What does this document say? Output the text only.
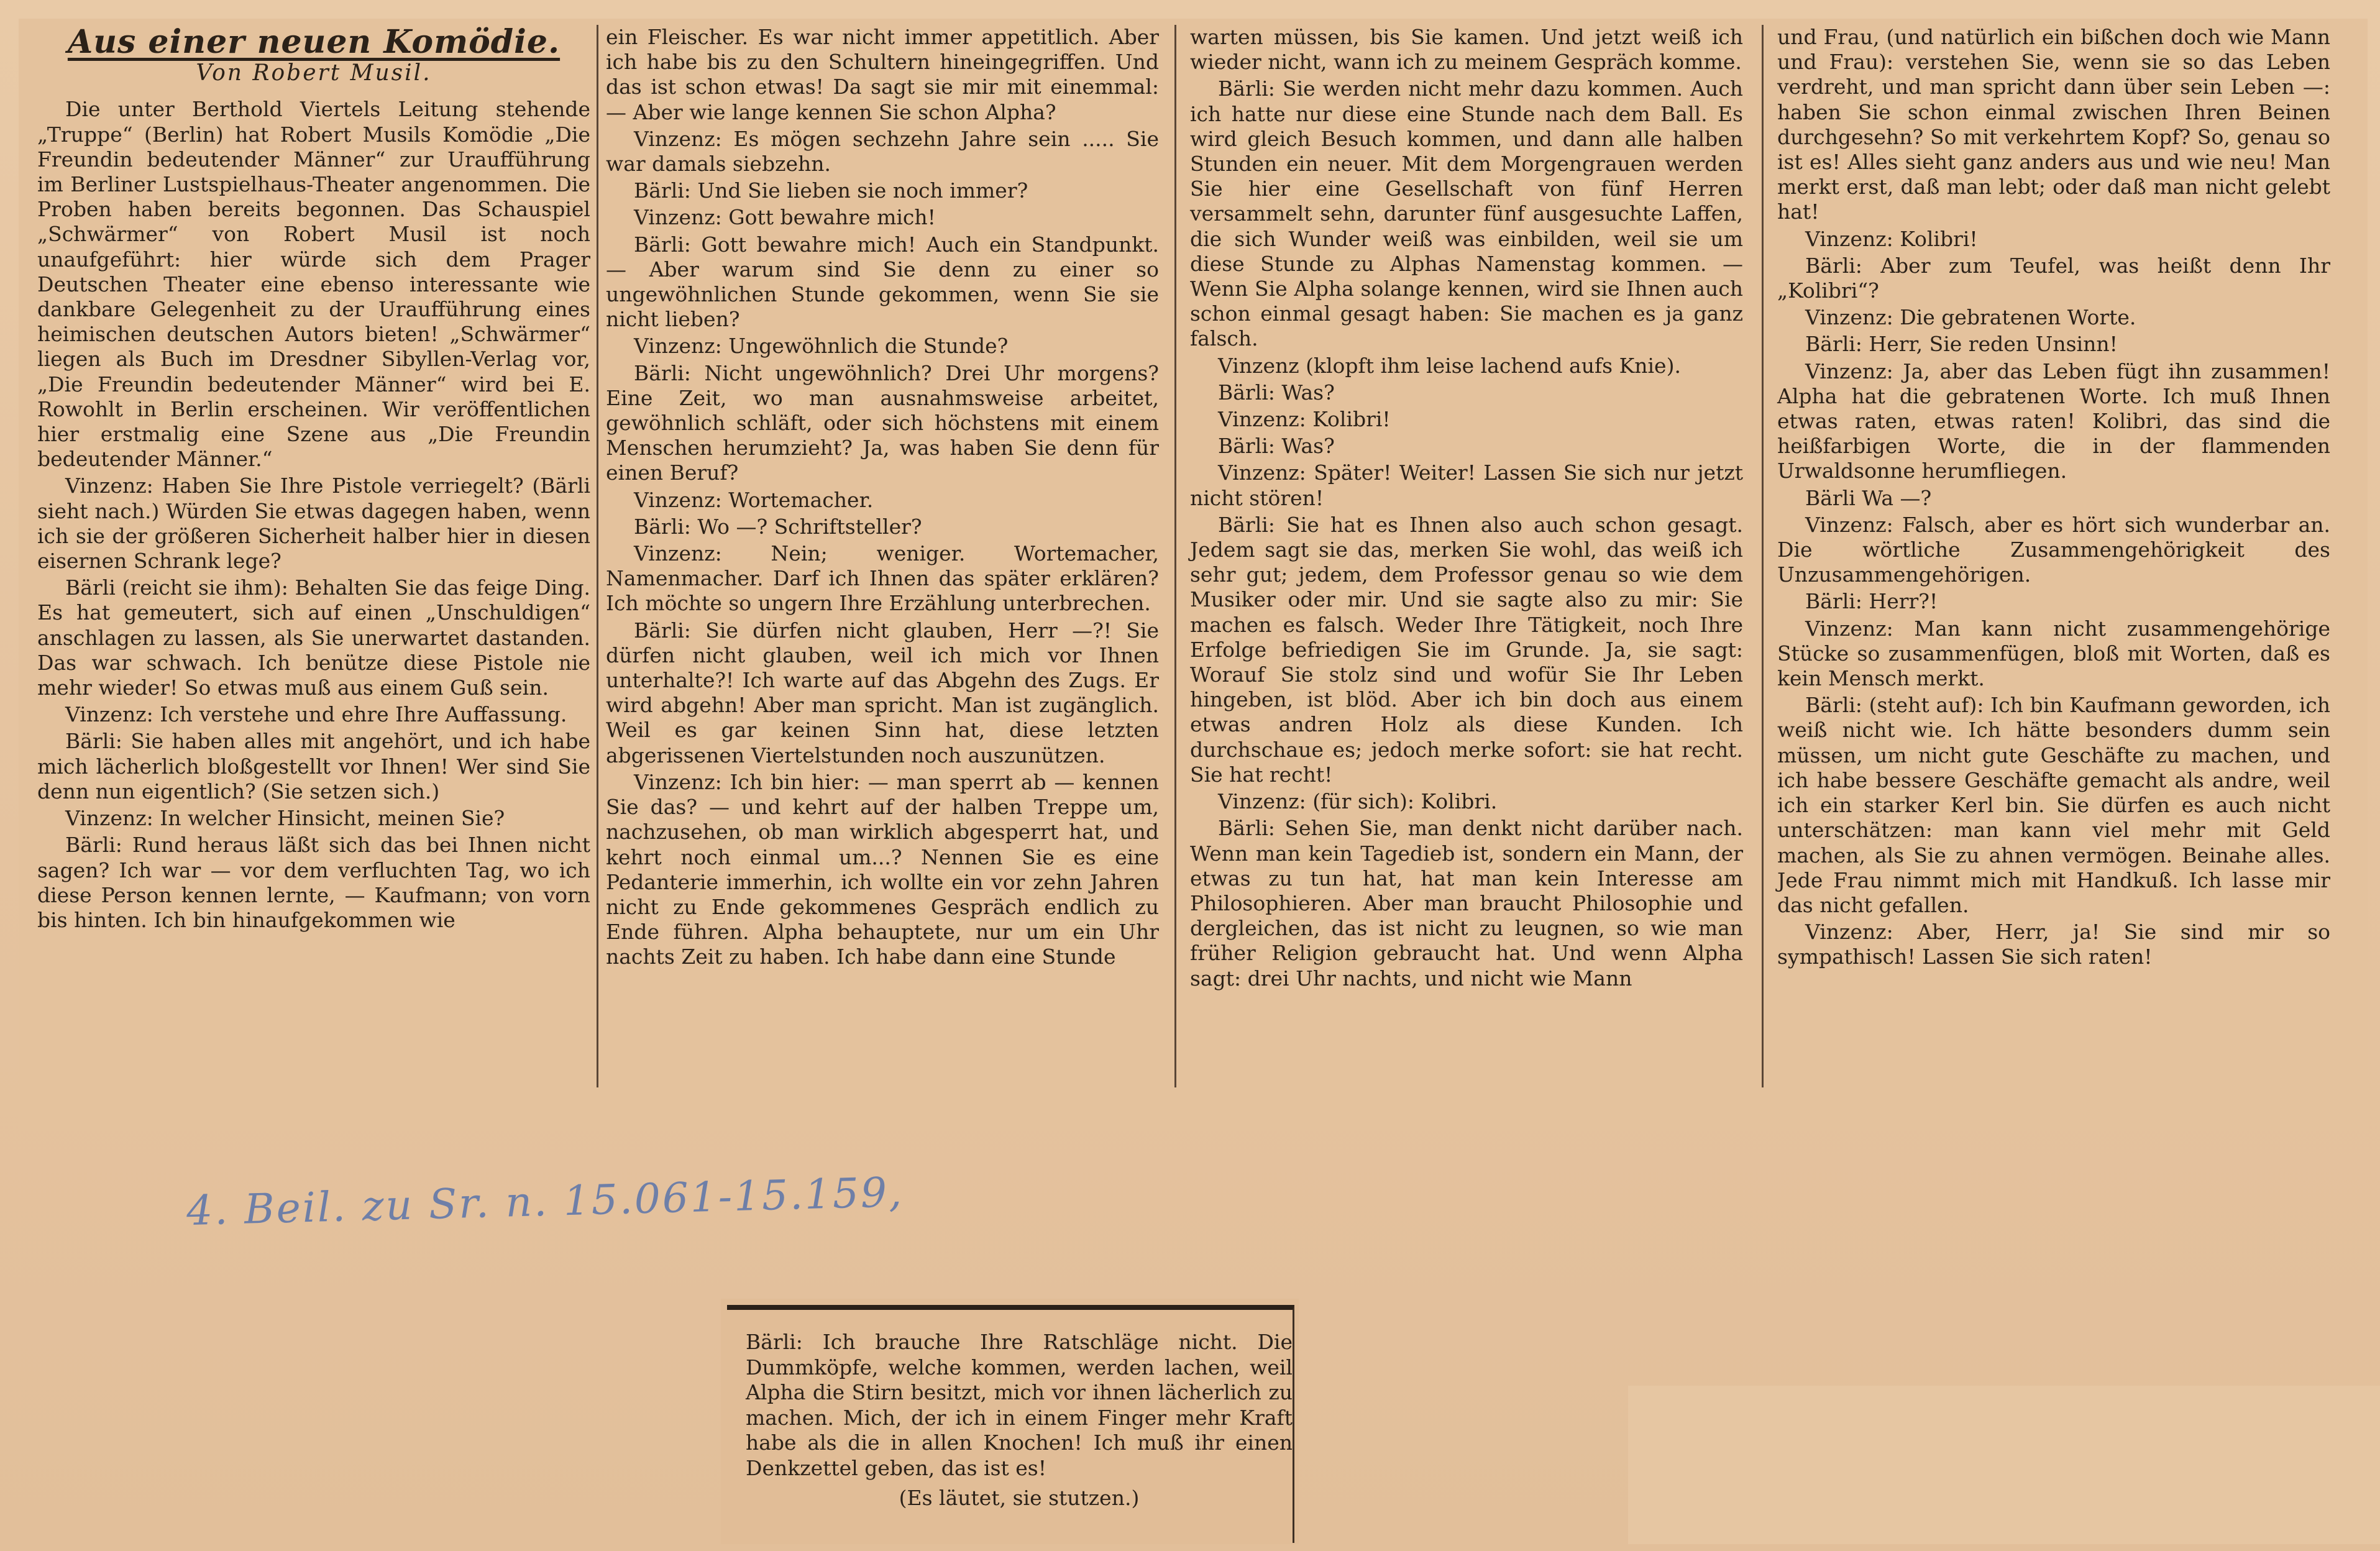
Aus einer neuen Komödie.
Von Robert Musil.

Die unter Berthold Viertels Leitung stehende „Truppe“ (Berlin) hat Robert Musils Komödie „Die Freundin bedeutender Männer“ zur Uraufführung im Berliner Lustspielhaus-Theater angenommen. Die Proben haben bereits begonnen. Das Schauspiel „Schwärmer“ von Robert Musil ist noch unaufgeführt: hier würde sich dem Prager Deutschen Theater eine ebenso interessante wie dankbare Gelegenheit zu der Uraufführung eines heimischen deutschen Autors bieten! „Schwärmer“ liegen als Buch im Dresdner Sibyllen-Verlag vor, „Die Freundin bedeutender Männer“ wird bei E. Rowohlt in Berlin erscheinen. Wir veröffentlichen hier erstmalig eine Szene aus „Die Freundin bedeutender Männer.“

Vinzenz: Haben Sie Ihre Pistole verriegelt? (Bärli sieht nach.) Würden Sie etwas dagegen haben, wenn ich sie der größeren Sicherheit halber hier in diesen eisernen Schrank lege?

Bärli (reicht sie ihm): Behalten Sie das feige Ding. Es hat gemeutert, sich auf einen „Unschuldigen“ anschlagen zu lassen, als Sie unerwartet dastanden. Das war schwach. Ich benütze diese Pistole nie mehr wieder! So etwas muß aus einem Guß sein.

Vinzenz: Ich verstehe und ehre Ihre Auffassung.

Bärli: Sie haben alles mit angehört, und ich habe mich lächerlich bloßgestellt vor Ihnen! Wer sind Sie denn nun eigentlich? (Sie setzen sich.)

Vinzenz: In welcher Hinsicht, meinen Sie?

Bärli: Rund heraus läßt sich das bei Ihnen nicht sagen? Ich war — vor dem verfluchten Tag, wo ich diese Person kennen lernte, — Kaufmann; von vorn bis hinten. Ich bin hinaufgekommen wie

ein Fleischer. Es war nicht immer appetitlich. Aber ich habe bis zu den Schultern hineingegriffen. Und das ist schon etwas! Da sagt sie mir mit einemmal: — Aber wie lange kennen Sie schon Alpha?

Vinzenz: Es mögen sechzehn Jahre sein ..... Sie war damals siebzehn.

Bärli: Und Sie lieben sie noch immer?

Vinzenz: Gott bewahre mich!

Bärli: Gott bewahre mich! Auch ein Standpunkt. — Aber warum sind Sie denn zu einer so ungewöhnlichen Stunde gekommen, wenn Sie sie nicht lieben?

Vinzenz: Ungewöhnlich die Stunde?

Bärli: Nicht ungewöhnlich? Drei Uhr morgens? Eine Zeit, wo man ausnahmsweise arbeitet, gewöhnlich schläft, oder sich höchstens mit einem Menschen herumzieht? Ja, was haben Sie denn für einen Beruf?

Vinzenz: Wortemacher.

Bärli: Wo —? Schriftsteller?

Vinzenz: Nein; weniger. Wortemacher, Namenmacher. Darf ich Ihnen das später erklären? Ich möchte so ungern Ihre Erzählung unterbrechen.

Bärli: Sie dürfen nicht glauben, Herr —?! Sie dürfen nicht glauben, weil ich mich vor Ihnen unterhalte?! Ich warte auf das Abgehn des Zugs. Er wird abgehn! Aber man spricht. Man ist zugänglich. Weil es gar keinen Sinn hat, diese letzten abgerissenen Viertelstunden noch auszunützen.

Vinzenz: Ich bin hier: — man sperrt ab — kennen Sie das? — und kehrt auf der halben Treppe um, nachzusehen, ob man wirklich abgesperrt hat, und kehrt noch einmal um...? Nennen Sie es eine Pedanterie immerhin, ich wollte ein vor zehn Jahren nicht zu Ende gekommenes Gespräch endlich zu Ende führen. Alpha behauptete, nur um ein Uhr nachts Zeit zu haben. Ich habe dann eine Stunde

warten müssen, bis Sie kamen. Und jetzt weiß ich wieder nicht, wann ich zu meinem Gespräch komme.

Bärli: Sie werden nicht mehr dazu kommen. Auch ich hatte nur diese eine Stunde nach dem Ball. Es wird gleich Besuch kommen, und dann alle halben Stunden ein neuer. Mit dem Morgengrauen werden Sie hier eine Gesellschaft von fünf Herren versammelt sehn, darunter fünf ausgesuchte Laffen, die sich Wunder weiß was einbilden, weil sie um diese Stunde zu Alphas Namenstag kommen. — Wenn Sie Alpha solange kennen, wird sie Ihnen auch schon einmal gesagt haben: Sie machen es ja ganz falsch.

Vinzenz (klopft ihm leise lachend aufs Knie).

Bärli: Was?

Vinzenz: Kolibri!

Bärli: Was?

Vinzenz: Später! Weiter! Lassen Sie sich nur jetzt nicht stören!

Bärli: Sie hat es Ihnen also auch schon gesagt. Jedem sagt sie das, merken Sie wohl, das weiß ich sehr gut; jedem, dem Professor genau so wie dem Musiker oder mir. Und sie sagte also zu mir: Sie machen es falsch. Weder Ihre Tätigkeit, noch Ihre Erfolge befriedigen Sie im Grunde. Ja, sie sagt: Worauf Sie stolz sind und wofür Sie Ihr Leben hingeben, ist blöd. Aber ich bin doch aus einem etwas andren Holz als diese Kunden. Ich durchschaue es; jedoch merke sofort: sie hat recht. Sie hat recht!

Vinzenz: (für sich): Kolibri.

Bärli: Sehen Sie, man denkt nicht darüber nach. Wenn man kein Tagedieb ist, sondern ein Mann, der etwas zu tun hat, hat man kein Interesse am Philosophieren. Aber man braucht Philosophie und dergleichen, das ist nicht zu leugnen, so wie man früher Religion gebraucht hat. Und wenn Alpha sagt: drei Uhr nachts, und nicht wie Mann

und Frau, (und natürlich ein bißchen doch wie Mann und Frau): verstehen Sie, wenn sie so das Leben verdreht, und man spricht dann über sein Leben —: haben Sie schon einmal zwischen Ihren Beinen durchgesehn? So mit verkehrtem Kopf? So, genau so ist es! Alles sieht ganz anders aus und wie neu! Man merkt erst, daß man lebt; oder daß man nicht gelebt hat!

Vinzenz: Kolibri!

Bärli: Aber zum Teufel, was heißt denn Ihr „Kolibri“?

Vinzenz: Die gebratenen Worte.

Bärli: Herr, Sie reden Unsinn!

Vinzenz: Ja, aber das Leben fügt ihn zusammen! Alpha hat die gebratenen Worte. Ich muß Ihnen etwas raten, etwas raten! Kolibri, das sind die heißfarbigen Worte, die in der flammenden Urwaldsonne herumfliegen.

Bärli Wa —?

Vinzenz: Falsch, aber es hört sich wunderbar an. Die wörtliche Zusammengehörigkeit des Unzusammengehörigen.

Bärli: Herr?!

Vinzenz: Man kann nicht zusammengehörige Stücke so zusammenfügen, bloß mit Worten, daß es kein Mensch merkt.

Bärli: (steht auf): Ich bin Kaufmann geworden, ich weiß nicht wie. Ich hätte besonders dumm sein müssen, um nicht gute Geschäfte zu machen, und ich habe bessere Geschäfte gemacht als andre, weil ich ein starker Kerl bin. Sie dürfen es auch nicht unterschätzen: man kann viel mehr mit Geld machen, als Sie zu ahnen vermögen. Beinahe alles. Jede Frau nimmt mich mit Handkuß. Ich lasse mir das nicht gefallen.

Vinzenz: Aber, Herr, ja! Sie sind mir so sympathisch! Lassen Sie sich raten!

4. Beil. zu Sr. n. 15.061-15.159,

Bärli: Ich brauche Ihre Ratschläge nicht. Die Dummköpfe, welche kommen, werden lachen, weil Alpha die Stirn besitzt, mich vor ihnen lächerlich zu machen. Mich, der ich in einem Finger mehr Kraft habe als die in allen Knochen! Ich muß ihr einen Denkzettel geben, das ist es!

(Es läutet, sie stutzen.)
